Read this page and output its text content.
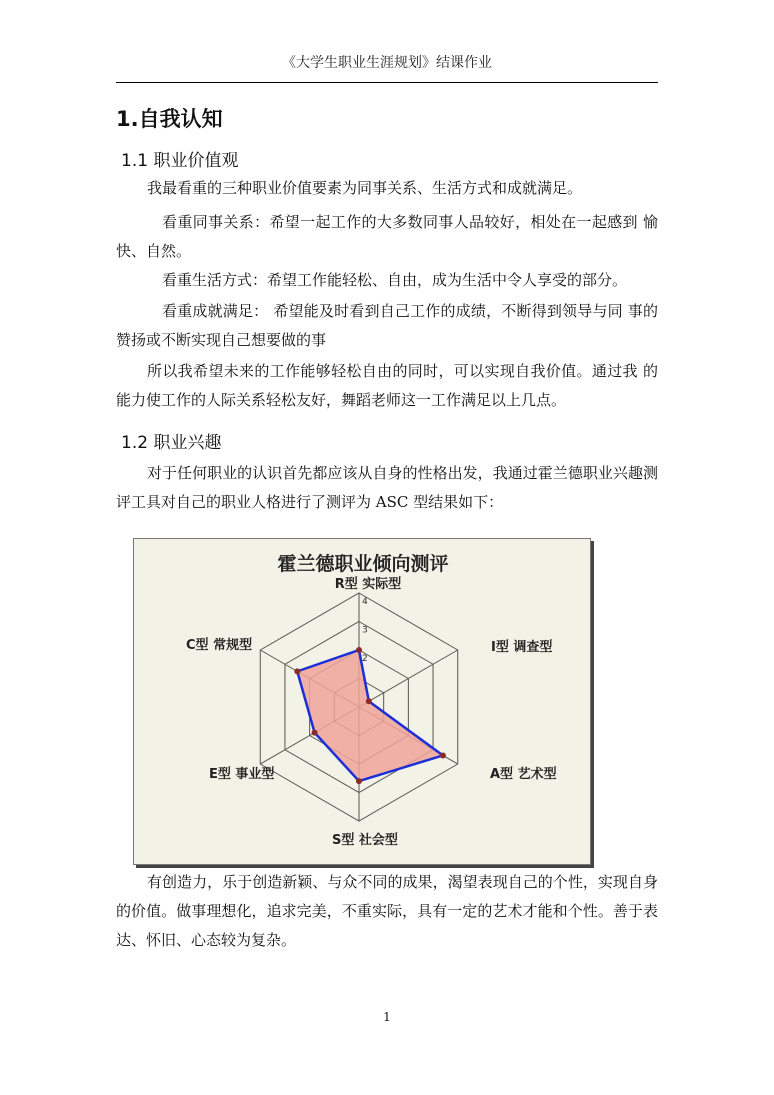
《大学生职业生涯规划》结课作业
1.自我认知
1.1 职业价值观
我最看重的三种职业价值要素为同事关系、生活方式和成就满足。
看重同事关系：希望一起工作的大多数同事人品较好，相处在一起感到 愉快、自然。
看重生活方式：希望工作能轻松、自由，成为生活中令人享受的部分。
看重成就满足： 希望能及时看到自己工作的成绩，不断得到领导与同 事的赞扬或不断实现自己想要做的事
所以我希望未来的工作能够轻松自由的同时，可以实现自我价值。通过我 的能力使工作的人际关系轻松友好，舞蹈老师这一工作满足以上几点。
1.2 职业兴趣
对于任何职业的认识首先都应该从自身的性格出发，我通过霍兰德职业兴趣测评工具对自己的职业人格进行了测评为 ASC 型结果如下：
霍兰德职业倾向测评
2
3
4
R型 实际型
I型 调查型
A型 艺术型
S型 社会型
E型 事业型
C型 常规型
有创造力，乐于创造新颖、与众不同的成果，渴望表现自己的个性，实现自身的价值。做事理想化，追求完美，不重实际，具有一定的艺术才能和个性。善于表达、怀旧、心态较为复杂。
1
